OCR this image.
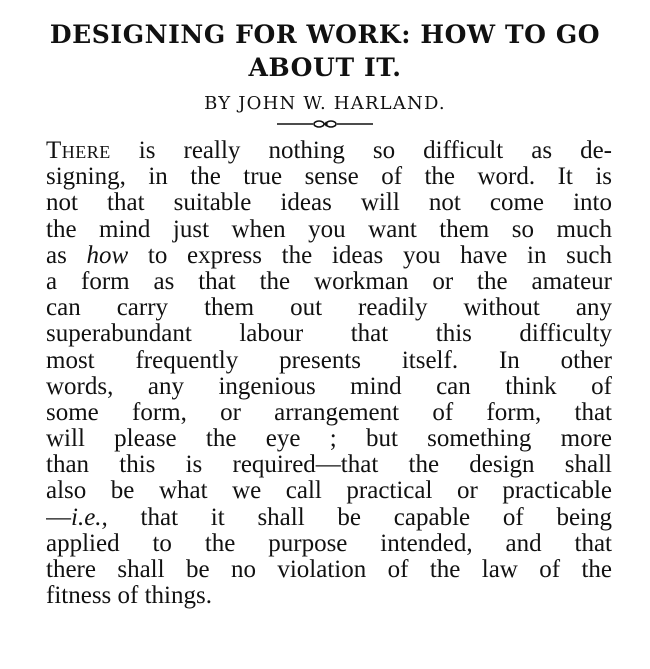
DESIGNING FOR WORK: HOW TO GO
ABOUT IT.
BY JOHN W. HARLAND.
There is really nothing so difficult as de-
signing, in the true sense of the word. It is
not that suitable ideas will not come into
the mind just when you want them so much
as how to express the ideas you have in such
a form as that the workman or the amateur
can carry them out readily without any
superabundant labour that this difficulty
most frequently presents itself. In other
words, any ingenious mind can think of
some form, or arrangement of form, that
will please the eye ; but something more
than this is required—that the design shall
also be what we call practical or practicable
—i.e., that it shall be capable of being
applied to the purpose intended, and that
there shall be no violation of the law of the
fitness of things.
